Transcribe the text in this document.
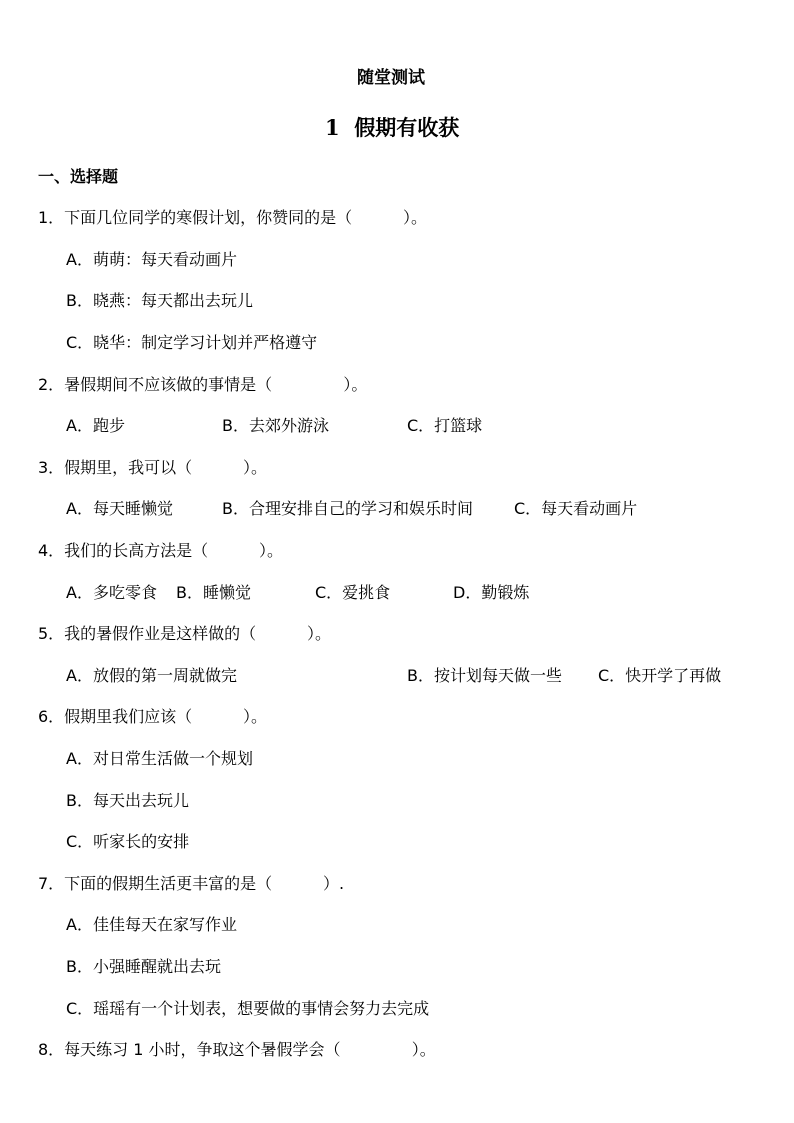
随堂测试
1  假期有收获
一、选择题
1．下面几位同学的寒假计划，你赞同的是（          ）。
A．萌萌：每天看动画片
B．晓燕：每天都出去玩儿
C．晓华：制定学习计划并严格遵守
2．暑假期间不应该做的事情是（              ）。
A．跑步	B．去郊外游泳	C．打篮球
3．假期里，我可以（          ）。
A．每天睡懒觉	B．合理安排自己的学习和娱乐时间	C．每天看动画片
4．我们的长高方法是（          ）。
A．多吃零食 B．睡懒觉	C．爱挑食	D．勤锻炼
5．我的暑假作业是这样做的（          ）。
A．放假的第一周就做完	B．按计划每天做一些 C．快开学了再做
6．假期里我们应该（          ）。
A．对日常生活做一个规划
B．每天出去玩儿
C．听家长的安排
7．下面的假期生活更丰富的是（          ）.
A．佳佳每天在家写作业
B．小强睡醒就出去玩
C．瑶瑶有一个计划表，想要做的事情会努力去完成
8．每天练习 1 小时，争取这个暑假学会（              ）。
